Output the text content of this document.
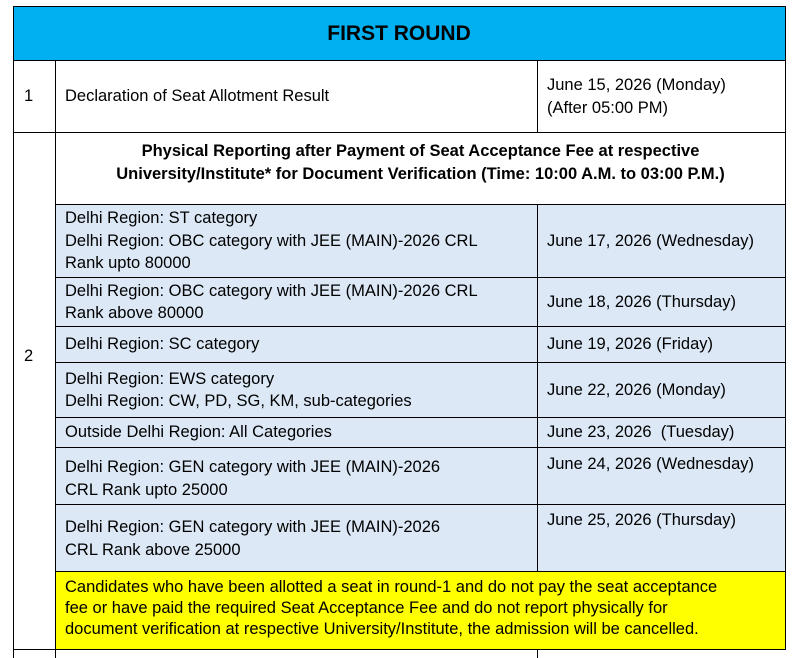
FIRST ROUND
1 Declaration of Seat Allotment Result
June 15, 2026 (Monday)
(After 05:00 PM)
2
Physical Reporting after Payment of Seat Acceptance Fee at respective
University/Institute* for Document Verification (Time: 10:00 A.M. to 03:00 P.M.)
Delhi Region: ST category
Delhi Region: OBC category with JEE (MAIN)-2026 CRL
Rank upto 80000
June 17, 2026 (Wednesday)
Delhi Region: OBC category with JEE (MAIN)-2026 CRL
Rank above 80000
June 18, 2026 (Thursday)
Delhi Region: SC category	June 19, 2026 (Friday)
Delhi Region: EWS category
Delhi Region: CW, PD, SG, KM, sub-categories
June 22, 2026 (Monday)
Outside Delhi Region: All Categories	June 23, 2026  (Tuesday)
Delhi Region: GEN category with JEE (MAIN)-2026
CRL Rank upto 25000
June 24, 2026 (Wednesday)
Delhi Region: GEN category with JEE (MAIN)-2026
CRL Rank above 25000
June 25, 2026 (Thursday)
Candidates who have been allotted a seat in round-1 and do not pay the seat acceptance
fee or have paid the required Seat Acceptance Fee and do not report physically for
document verification at respective University/Institute, the admission will be cancelled.
